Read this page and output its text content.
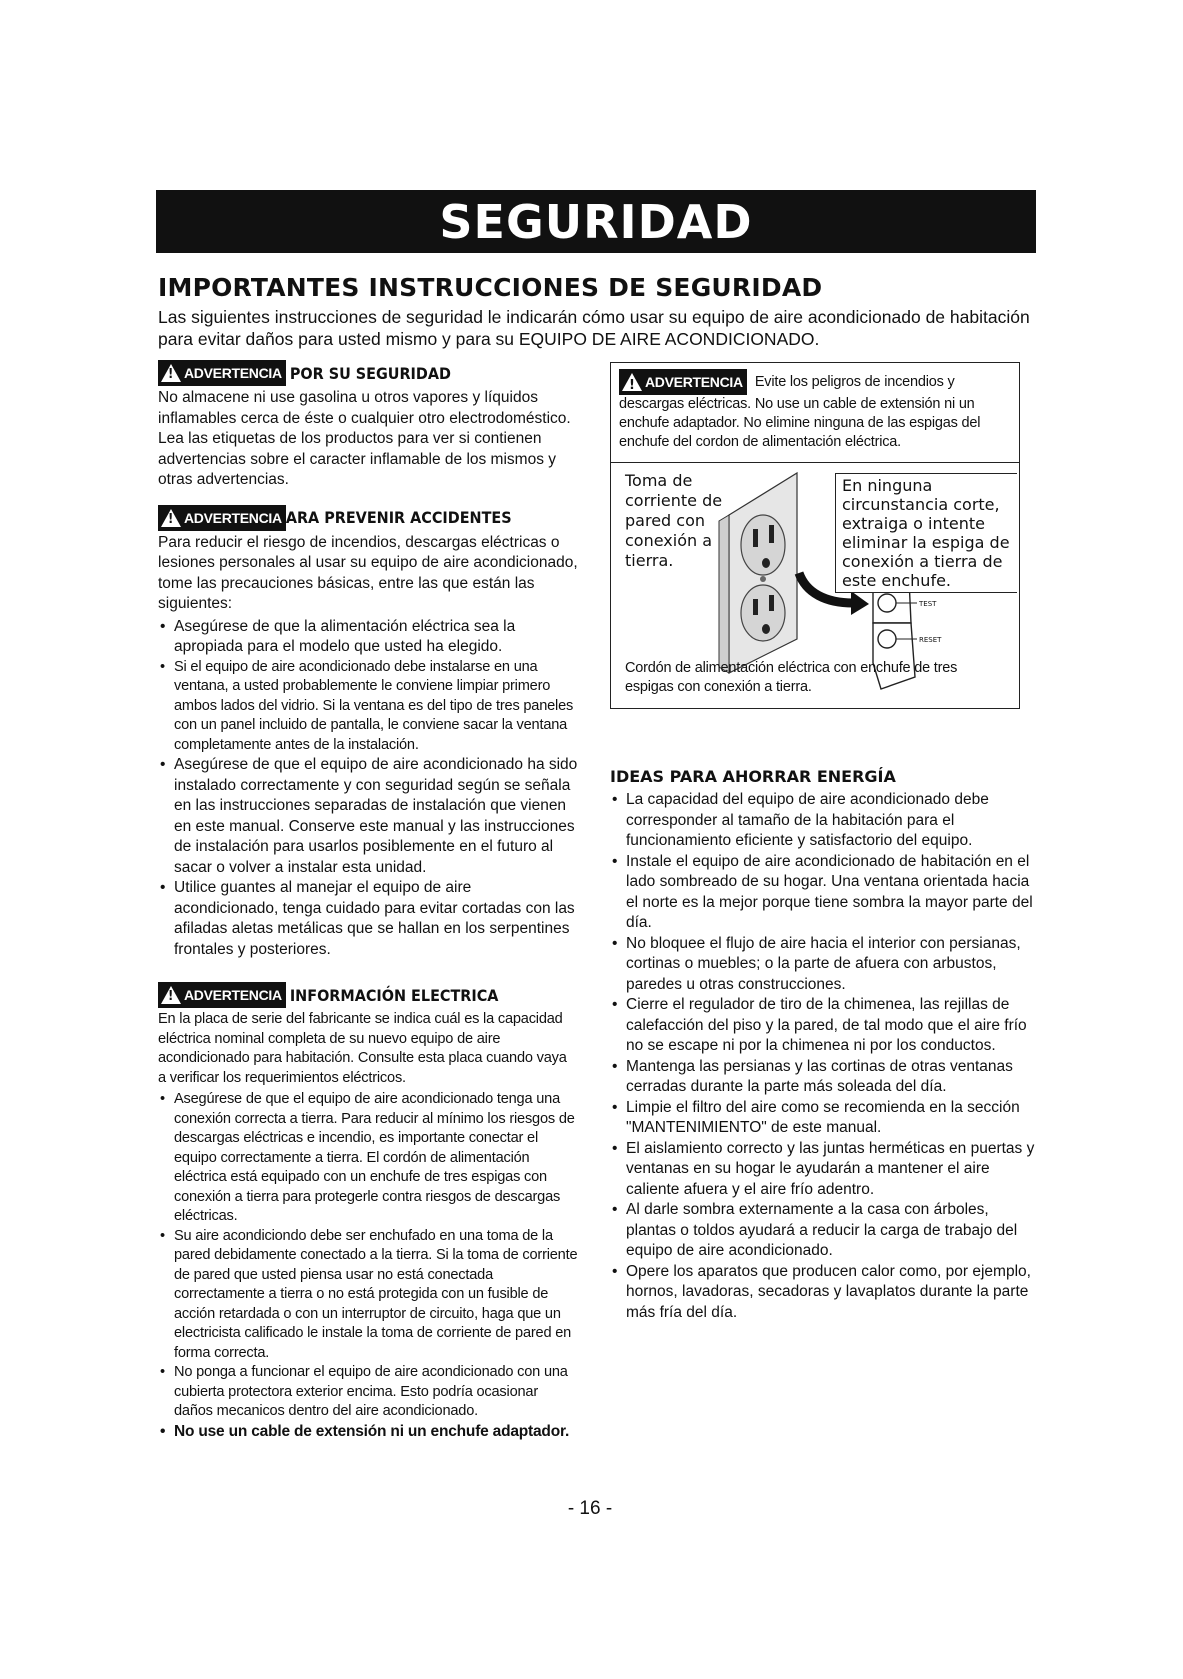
SEGURIDAD
IMPORTANTES INSTRUCCIONES DE SEGURIDAD

Las siguientes instrucciones de seguridad le indicarán cómo usar su equipo de aire acondicionado de habitación para evitar daños para usted mismo y para su EQUIPO DE AIRE ACONDICIONADO.

!
ADVERTENCIA POR SU SEGURIDAD

No almacene ni use gasolina u otros vapores y líquidos inflamables cerca de éste o cualquier otro electrodoméstico. Lea las etiquetas de los productos para ver si contienen advertencias sobre el caracter inflamable de los mismos y otras advertencias.

!
ADVERTENCIA ARA PREVENIR ACCIDENTES

Para reducir el riesgo de incendios, descargas eléctricas o lesiones personales al usar su equipo de aire acondicionado, tome las precauciones básicas, entre las que están las siguientes:

• Asegúrese de que la alimentación eléctrica sea la apropiada para el modelo que usted ha elegido.
• Si el equipo de aire acondicionado debe instalarse en una ventana, a usted probablemente le conviene limpiar primero ambos lados del vidrio. Si la ventana es del tipo de tres paneles con un panel incluido de pantalla, le conviene sacar la ventana completamente antes de la instalación.
• Asegúrese de que el equipo de aire acondicionado ha sido instalado correctamente y con seguridad según se señala en las instrucciones separadas de instalación que vienen en este manual. Conserve este manual y las instrucciones de instalación para usarlos posiblemente en el futuro al sacar o volver a instalar esta unidad.
• Utilice guantes al manejar el equipo de aire acondicionado, tenga cuidado para evitar cortadas con las afiladas aletas metálicas que se hallan en los serpentines frontales y posteriores.
!
ADVERTENCIA INFORMACIÓN ELECTRICA

En la placa de serie del fabricante se indica cuál es la capacidad eléctrica nominal completa de su nuevo equipo de aire acondicionado para habitación. Consulte esta placa cuando vaya a verificar los requerimientos eléctricos.

• Asegúrese de que el equipo de aire acondicionado tenga una conexión correcta a tierra. Para reducir al mínimo los riesgos de descargas eléctricas e incendio, es importante conectar el equipo correctamente a tierra. El cordón de alimentación eléctrica está equipado con un enchufe de tres espigas con conexión a tierra para protegerle contra riesgos de descargas eléctricas.
• Su aire acondiciondo debe ser enchufado en una toma de la pared debidamente conectado a la tierra. Si la toma de corriente de pared que usted piensa usar no está conectada correctamente a tierra o no está protegida con un fusible de acción retardada o con un interruptor de circuito, haga que un electricista calificado le instale la toma de corriente de pared en forma correcta.
• No ponga a funcionar el equipo de aire acondicionado con una cubierta protectora exterior encima. Esto podría ocasionar daños mecanicos dentro del aire acondicionado.
• No use un cable de extensión ni un enchufe adaptador.

!
ADVERTENCIA Evite los peligros de incendios y descargas eléctricas. No use un cable de extensión ni un enchufe adaptador. No elimine ninguna de las espigas del enchufe del cordon de alimentación eléctrica.

TEST
RESET

Toma de corriente de pared con conexión a tierra.

En ninguna circunstancia corte, extraiga o intente eliminar la espiga de conexión a tierra de este enchufe.

Cordón de alimentación eléctrica con enchufe de tres espigas con conexión a tierra.

IDEAS PARA AHORRAR ENERGÍA
• La capacidad del equipo de aire acondicionado debe corresponder al tamaño de la habitación para el funcionamiento eficiente y satisfactorio del equipo.
• Instale el equipo de aire acondicionado de habitación en el lado sombreado de su hogar. Una ventana orientada hacia el norte es la mejor porque tiene sombra la mayor parte del día.
• No bloquee el flujo de aire hacia el interior con persianas, cortinas o muebles; o la parte de afuera con arbustos, paredes u otras construcciones.
• Cierre el regulador de tiro de la chimenea, las rejillas de calefacción del piso y la pared, de tal modo que el aire frío no se escape ni por la chimenea ni por los conductos.
• Mantenga las persianas y las cortinas de otras ventanas cerradas durante la parte más soleada del día.
• Limpie el filtro del aire como se recomienda en la sección "MANTENIMIENTO" de este manual.
• El aislamiento correcto y las juntas herméticas en puertas y ventanas en su hogar le ayudarán a mantener el aire caliente afuera y el aire frío adentro.
• Al darle sombra externamente a la casa con árboles, plantas o toldos ayudará a reducir la carga de trabajo del equipo de aire acondicionado.
• Opere los aparatos que producen calor como, por ejemplo, hornos, lavadoras, secadoras y lavaplatos durante la parte más fría del día.
- 16 -
